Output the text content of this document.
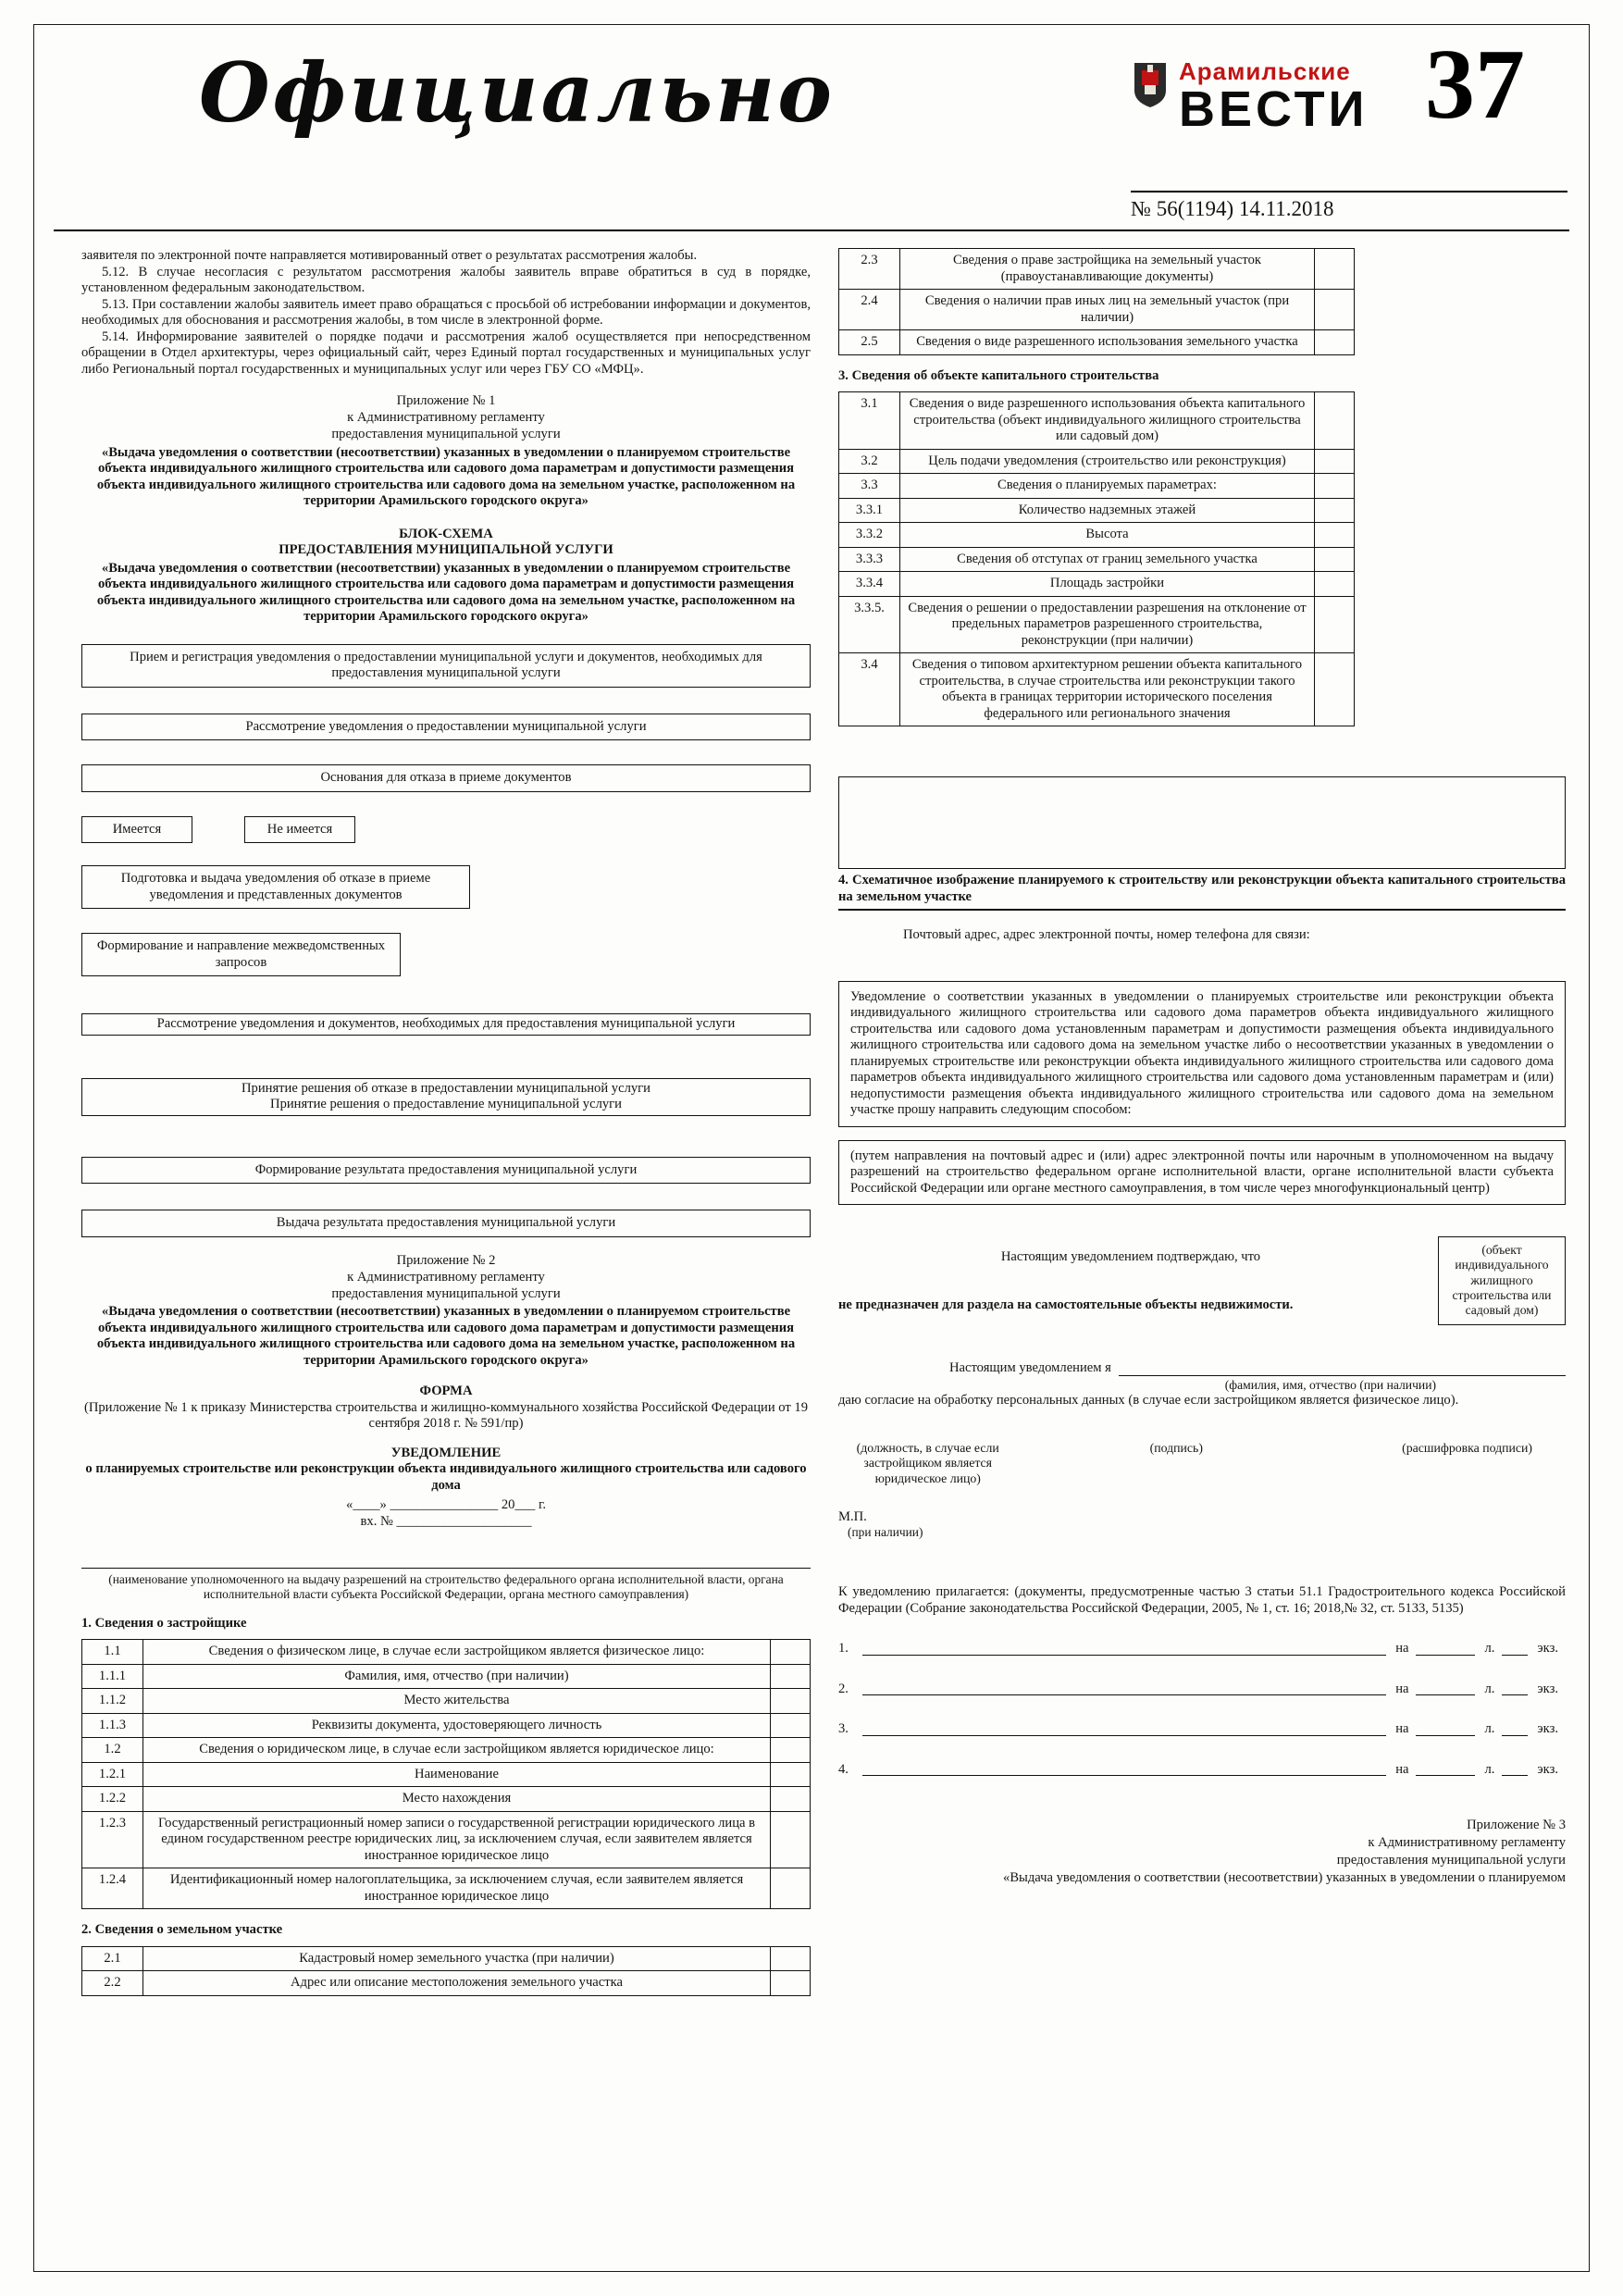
Официально	Арамильские
ВЕСТИ 37
№ 56(1194) 14.11.2018

заявителя по электронной почте направляется мотивированный ответ о результатах рассмотрения жалобы.

5.12. В случае несогласия с результатом рассмотрения жалобы заявитель вправе обратиться в суд в порядке, установленном федеральным законодательством.

5.13. При составлении жалобы заявитель имеет право обращаться с просьбой об истребовании информации и документов, необходимых для обоснования и рассмотрения жалобы, в том числе в электронной форме.

5.14. Информирование заявителей о порядке подачи и рассмотрения жалоб осуществляется при непосредственном обращении в Отдел архитектуры, через официальный сайт, через Единый портал государственных и муниципальных услуг либо Региональный портал государственных и муниципальных услуг или через ГБУ СО «МФЦ».

Приложение № 1
к Административному регламенту
предоставления муниципальной услуги
«Выдача уведомления о соответствии (несоответствии) указанных в уведомлении о планируемом строительстве объекта индивидуального жилищного строительства или садового дома параметрам и допустимости размещения объекта индивидуального жилищного строительства или садового дома на земельном участке, расположенном на территории Арамильского городского округа»
БЛОК-СХЕМА
ПРЕДОСТАВЛЕНИЯ МУНИЦИПАЛЬНОЙ УСЛУГИ
«Выдача уведомления о соответствии (несоответствии) указанных в уведомлении о планируемом строительстве объекта индивидуального жилищного строительства или садового дома параметрам и допустимости размещения объекта индивидуального жилищного строительства или садового дома на земельном участке, расположенном на территории Арамильского городского округа»
Прием и регистрация уведомления о предоставлении муниципальной услуги и документов, необходимых для предоставления муниципальной услуги
Рассмотрение уведомления о предоставлении муниципальной услуги
Основания для отказа в приеме документов
Имеется	Не имеется
Подготовка и выдача уведомления об отказе в приеме уведомления и представленных документов
Формирование и направление межведомственных запросов
Рассмотрение уведомления и документов, необходимых для предоставления муниципальной услуги
Принятие решения об отказе в предоставлении муниципальной услуги
Принятие решения о предоставление муниципальной услуги
Формирование результата предоставления муниципальной услуги
Выдача результата предоставления муниципальной услуги
Приложение № 2
к Административному регламенту
предоставления муниципальной услуги
«Выдача уведомления о соответствии (несоответствии) указанных в уведомлении о планируемом строительстве объекта индивидуального жилищного строительства или садового дома параметрам и допустимости размещения объекта индивидуального жилищного строительства или садового дома на земельном участке, расположенном на территории Арамильского городского округа»
ФОРМА
(Приложение № 1 к приказу Министерства строительства и жилищно-коммунального хозяйства Российской Федерации от 19 сентября 2018 г. № 591/пр)
УВЕДОМЛЕНИЕ
о планируемых строительстве или реконструкции объекта индивидуального жилищного строительства или садового дома
«____» ________________ 20___ г.
вх. № ____________________
(наименование уполномоченного на выдачу разрешений на строительство федерального органа исполнительной власти, органа исполнительной власти субъекта Российской Федерации, органа местного самоуправления)
1. Сведения о застройщике
1.1	Сведения о физическом лице, в случае если застройщиком является физическое лицо:
1.1.1	Фамилия, имя, отчество (при наличии)
1.1.2	Место жительства
1.1.3	Реквизиты документа, удостоверяющего личность
1.2	Сведения о юридическом лице, в случае если застройщиком является юридическое лицо:
1.2.1	Наименование
1.2.2	Место нахождения
1.2.3	Государственный регистрационный номер записи о государственной регистрации юридического лица в едином государственном реестре юридических лиц, за исключением случая, если заявителем является иностранное юридическое лицо
1.2.4	Идентификационный номер налогоплательщика, за исключением случая, если заявителем является иностранное юридическое лицо
2. Сведения о земельном участке
2.1	Кадастровый номер земельного участка (при наличии)
2.2	Адрес или описание местоположения земельного участка
2.3	Сведения о праве застройщика на земельный участок (правоустанавливающие документы)
2.4	Сведения о наличии прав иных лиц на земельный участок (при наличии)
2.5	Сведения о виде разрешенного использования земельного участка
3. Сведения об объекте капитального строительства
3.1	Сведения о виде разрешенного использования объекта капитального строительства (объект индивидуального жилищного строительства или садовый дом)
3.2	Цель подачи уведомления (строительство или реконструкция)
3.3	Сведения о планируемых параметрах:
3.3.1	Количество надземных этажей
3.3.2	Высота
3.3.3	Сведения об отступах от границ земельного участка
3.3.4	Площадь застройки
3.3.5.	Сведения о решении о предоставлении разрешения на отклонение от предельных параметров разрешенного строительства, реконструкции (при наличии)
3.4	Сведения о типовом архитектурном решении объекта капитального строительства, в случае строительства или реконструкции такого объекта в границах территории исторического поселения федерального или регионального значения
4. Схематичное изображение планируемого к строительству или реконструкции объекта капитального строительства на земельном участке
Почтовый адрес, адрес электронной почты, номер телефона для связи:
Уведомление о соответствии указанных в уведомлении о планируемых строительстве или реконструкции объекта индивидуального жилищного строительства или садового дома параметров объекта индивидуального жилищного строительства или садового дома установленным параметрам и допустимости размещения объекта индивидуального жилищного строительства или садового дома на земельном участке либо о несоответствии указанных в уведомлении о планируемых строительстве или реконструкции объекта индивидуального жилищного строительства или садового дома параметров объекта индивидуального жилищного строительства или садового дома установленным параметрам и (или) недопустимости размещения объекта индивидуального жилищного строительства или садового дома на земельном участке прошу направить следующим способом:
(путем направления на почтовый адрес и (или) адрес электронной почты или нарочным в уполномоченном на выдачу разрешений на строительство федеральном органе исполнительной власти, органе исполнительной власти субъекта Российской Федерации или органе местного самоуправления, в том числе через многофункциональный центр)
Настоящим уведомлением подтверждаю, что
не предназначен для раздела на самостоятельные объекты недвижимости.
(объект индивидуального жилищного строительства или садовый дом)
Настоящим уведомлением я
(фамилия, имя, отчество (при наличии)
даю согласие на обработку персональных данных (в случае если застройщиком является физическое лицо).
(должность, в случае если застройщиком является юридическое лицо)
(подпись)	(расшифровка подписи)
М.П.
(при наличии)
К уведомлению прилагается: (документы, предусмотренные частью 3 статьи 51.1 Градостроительного кодекса Российской Федерации (Собрание законодательства Российской Федерации, 2005, № 1, ст. 16; 2018,№ 32, ст. 5133, 5135)
1.	на	л.	экз.
2.	на	л.	экз.
3.	на	л.	экз.
4.	на	л.	экз.
Приложение № 3
к Административному регламенту
предоставления муниципальной услуги
«Выдача уведомления о соответствии (несоответствии) указанных в уведомлении о планируемом
